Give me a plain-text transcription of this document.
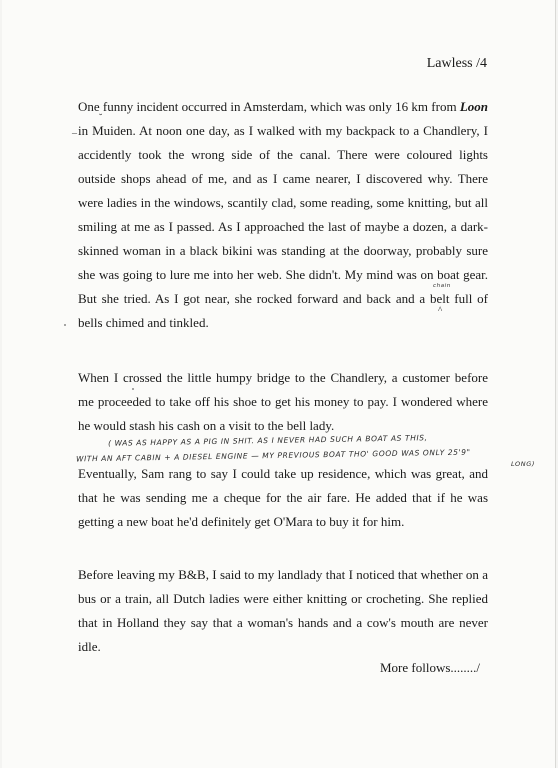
Lawless /4
˘
–
One funny incident occurred in Amsterdam, which was only 16 km from Loon in Muiden. At noon one day, as I walked with my backpack to a Chandlery, I accidently took the wrong side of the canal. There were coloured lights outside shops ahead of me, and as I came nearer, I discovered why. There were ladies in the windows, scantily clad, some reading, some knitting, but all smiling at me as I passed. As I approached the last of maybe a dozen, a dark-skinned woman in a black bikini was standing at the doorway, probably sure she was going to lure me into her web. She didn't. My mind was on boat gear. But she tried. As I got near, she rocked forward and back and a belt full of bells chimed and tinkled.
chain
^
When I crossed the little humpy bridge to the Chandlery, a customer before me proceeded to take off his shoe to get his money to pay. I wondered where he would stash his cash on a visit to the bell lady.
Eventually, Sam rang to say I could take up residence, which was great, and that he was sending me a cheque for the air fare. He added that if he was getting a new boat he'd definitely get O'Mara to buy it for him.
( WAS AS HAPPY AS A PIG IN SHIT. AS I NEVER HAD SUCH A BOAT AS THIS,
WITH AN AFT CABIN + A DIESEL ENGINE — MY PREVIOUS BOAT THO' GOOD WAS ONLY 25'9"
LONG)
Before leaving my B&B, I said to my landlady that I noticed that whether on a bus or a train, all Dutch ladies were either knitting or crocheting. She replied that in Holland they say that a woman's hands and a cow's mouth are never idle.
More follows......../
